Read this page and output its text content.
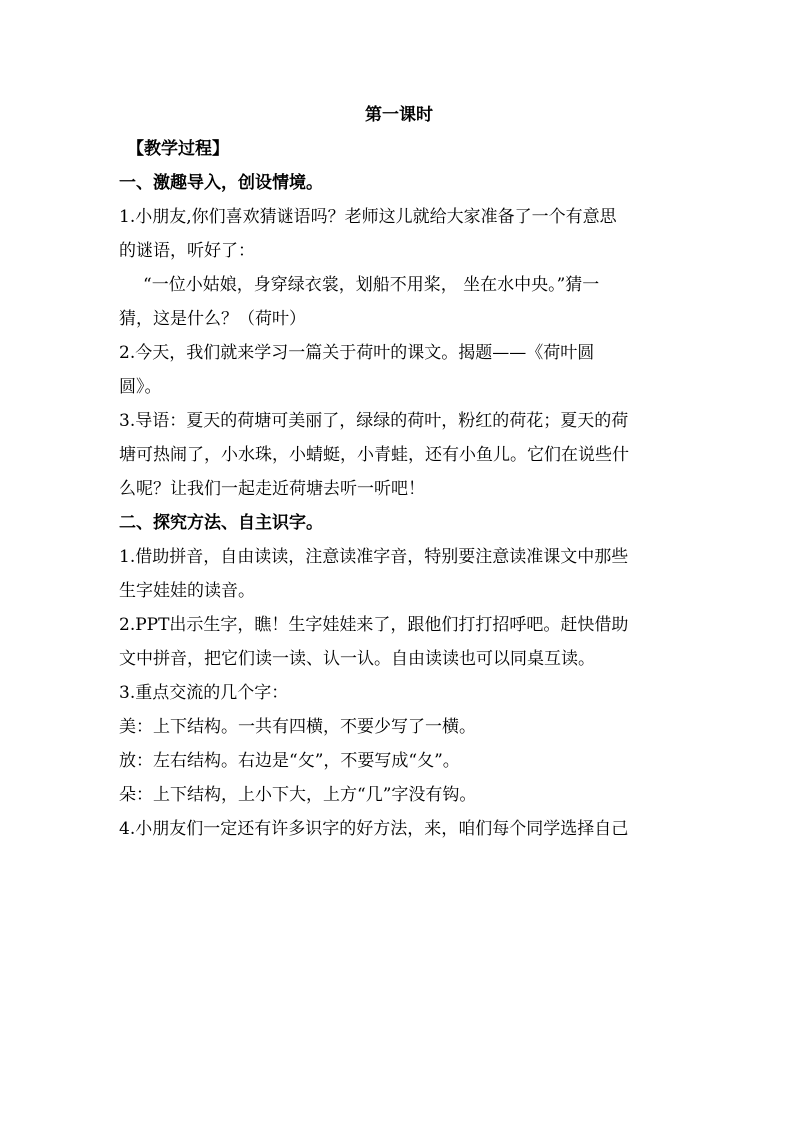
第一课时

【教学过程】

一、激趣导入，创设情境。

1.小朋友,你们喜欢猜谜语吗？老师这儿就给大家准备了一个有意思

的谜语，听好了：

“一位小姑娘，身穿绿衣裳，划船不用桨， 坐在水中央。”猜一

猜，这是什么？（荷叶）

2.今天，我们就来学习一篇关于荷叶的课文。揭题——《荷叶圆

圆》。

3.导语：夏天的荷塘可美丽了，绿绿的荷叶，粉红的荷花；夏天的荷

塘可热闹了，小水珠，小蜻蜓，小青蛙，还有小鱼儿。它们在说些什

么呢？让我们一起走近荷塘去听一听吧！

二、探究方法、自主识字。

1.借助拼音，自由读读，注意读准字音，特别要注意读准课文中那些

生字娃娃的读音。

2.PPT出示生字，瞧！生字娃娃来了，跟他们打打招呼吧。赶快借助

文中拼音，把它们读一读、认一认。自由读读也可以同桌互读。

3.重点交流的几个字：

美：上下结构。一共有四横，不要少写了一横。

放：左右结构。右边是“攵”，不要写成“夂”。

朵：上下结构，上小下大，上方“几”字没有钩。

4.小朋友们一定还有许多识字的好方法，来，咱们每个同学选择自己
